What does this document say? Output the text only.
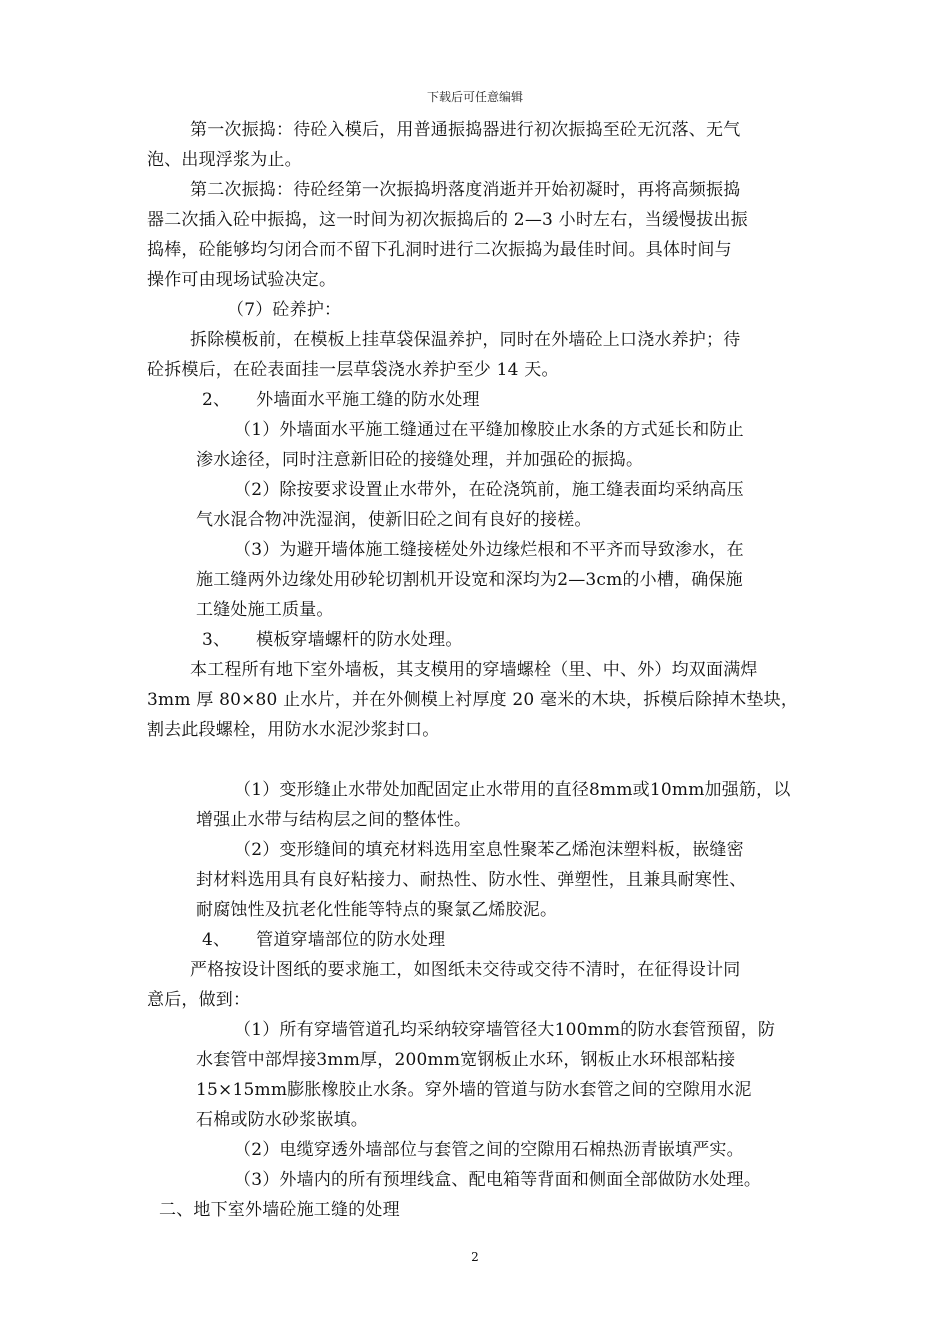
下载后可任意编辑
第一次振捣：待砼入模后，用普通振捣器进行初次振捣至砼无沉落、无气
泡、出现浮浆为止。
第二次振捣：待砼经第一次振捣坍落度消逝并开始初凝时，再将高频振捣
器二次插入砼中振捣，这一时间为初次振捣后的 2—3 小时左右，当缓慢拔出振
捣棒，砼能够均匀闭合而不留下孔洞时进行二次振捣为最佳时间。具体时间与
操作可由现场试验决定。
（7）砼养护：
拆除模板前，在模板上挂草袋保温养护，同时在外墙砼上口浇水养护；待
砼拆模后，在砼表面挂一层草袋浇水养护至少 14 天。
2、　　外墙面水平施工缝的防水处理
（1）外墙面水平施工缝通过在平缝加橡胶止水条的方式延长和防止
渗水途径，同时注意新旧砼的接缝处理，并加强砼的振捣。
（2）除按要求设置止水带外，在砼浇筑前，施工缝表面均采纳高压
气水混合物冲洗湿润，使新旧砼之间有良好的接槎。
（3）为避开墙体施工缝接槎处外边缘烂根和不平齐而导致渗水，在
施工缝两外边缘处用砂轮切割机开设宽和深均为2—3cm的小槽，确保施
工缝处施工质量。
3、　　模板穿墙螺杆的防水处理。
本工程所有地下室外墙板，其支模用的穿墙螺栓（里、中、外）均双面满焊
3mm 厚 80×80 止水片，并在外侧模上衬厚度 20 毫米的木块，拆模后除掉木垫块，
割去此段螺栓，用防水水泥沙浆封口。
（1）变形缝止水带处加配固定止水带用的直径8mm或10mm加强筋，以
增强止水带与结构层之间的整体性。
（2）变形缝间的填充材料选用室息性聚苯乙烯泡沫塑料板，嵌缝密
封材料选用具有良好粘接力、耐热性、防水性、弹塑性，且兼具耐寒性、
耐腐蚀性及抗老化性能等特点的聚氯乙烯胶泥。
4、　　管道穿墙部位的防水处理
严格按设计图纸的要求施工，如图纸未交待或交待不清时，在征得设计同
意后，做到：
（1）所有穿墙管道孔均采纳较穿墙管径大100mm的防水套管预留，防
水套管中部焊接3mm厚，200mm宽钢板止水环，钢板止水环根部粘接
15×15mm膨胀橡胶止水条。穿外墙的管道与防水套管之间的空隙用水泥
石棉或防水砂浆嵌填。
（2）电缆穿透外墙部位与套管之间的空隙用石棉热沥青嵌填严实。
（3）外墙内的所有预埋线盒、配电箱等背面和侧面全部做防水处理。
二、地下室外墙砼施工缝的处理
2
